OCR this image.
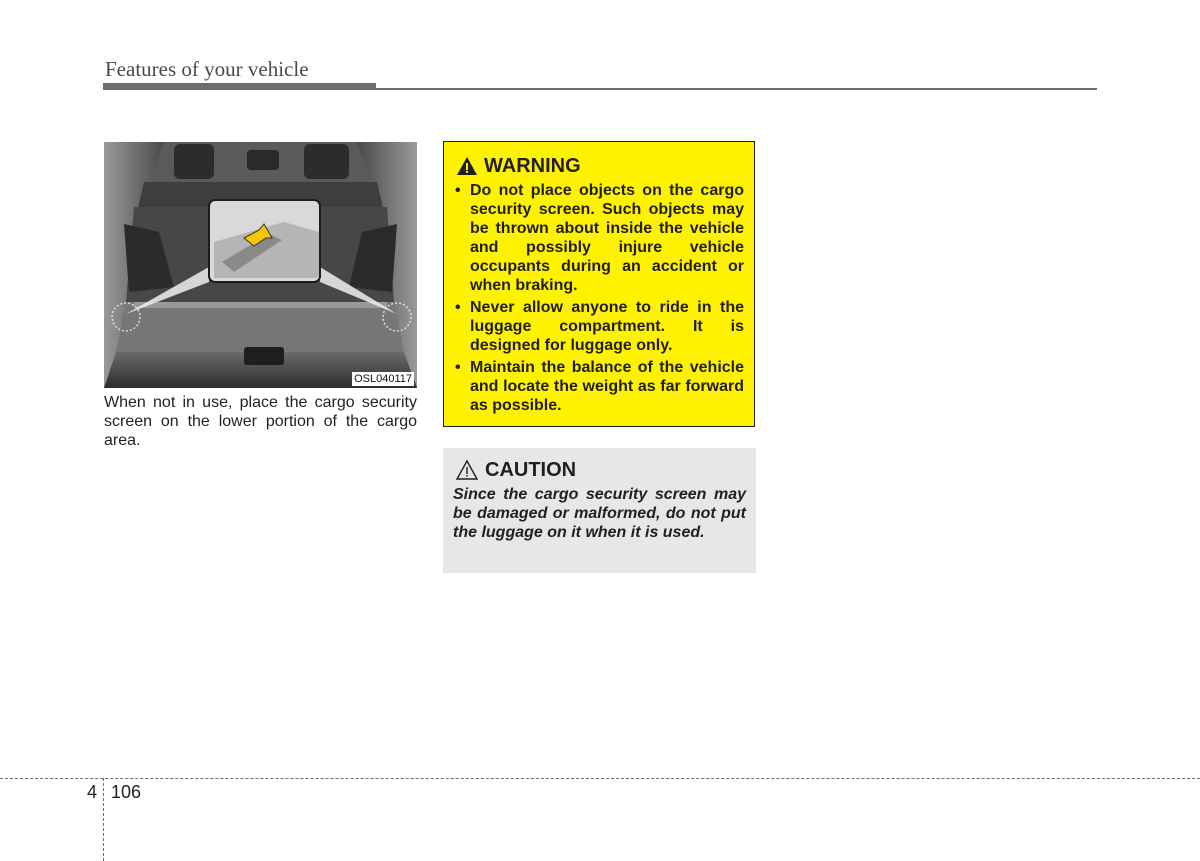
Features of your vehicle
OSL040117
When not in use, place the cargo security screen on the lower portion of the cargo area.
WARNING
• Do not place objects on the cargo security screen. Such objects may be thrown about inside the vehicle and possibly injure vehicle occupants during an accident or when braking.
• Never allow anyone to ride in the luggage compartment. It is designed for luggage only.
• Maintain the balance of the vehicle and locate the weight as far forward as possible.
CAUTION
Since the cargo security screen may be damaged or malformed, do not put the luggage on it when it is used.
4 106
